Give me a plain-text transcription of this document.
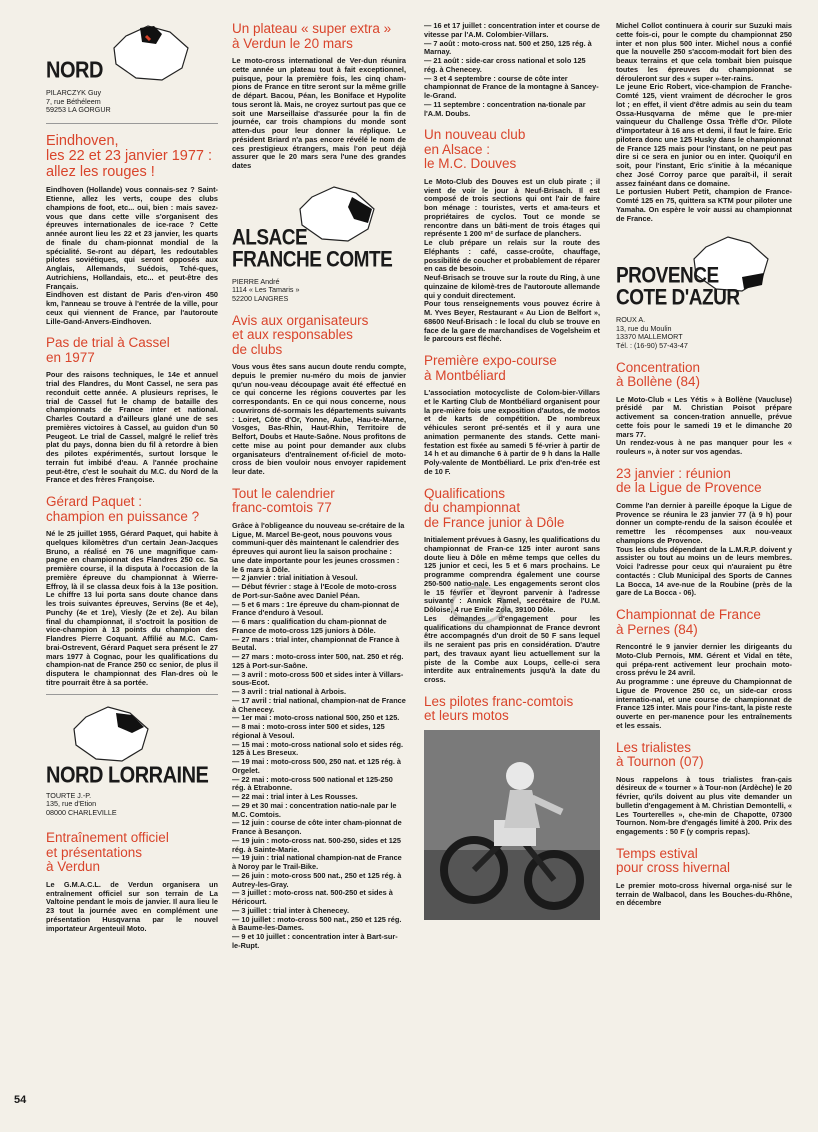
NORD
PILARCZYK Guy
7, rue Béthéleem
59253 LA GORGUR
Eindhoven,
les 22 et 23 janvier 1977 :
allez les rouges !

Eindhoven (Hollande) vous connais-sez ? Saint-Etienne, allez les verts, coupe des clubs champions de foot, etc... oui, bien : mais savez-vous que dans cette ville s'organisent des épreuves internationales de ice-race ? Cette année auront lieu les 22 et 23 janvier, les quarts de finale du cham-pionnat mondial de la spécialité. Se-ront au départ, les redoutables pilotes soviétiques, qui seront opposés aux Anglais, Allemands, Suédois, Tché-ques, Autrichiens, Hollandais, etc... et peut-être des Français.
Eindhoven est distant de Paris d'en-viron 450 km, l'anneau se trouve à l'entrée de la ville, pour ceux qui viennent de France, par l'autoroute Lille-Gand-Anvers-Eindhoven.

Pas de trial à Cassel
en 1977

Pour des raisons techniques, le 14e et annuel trial des Flandres, du Mont Cassel, ne sera pas reconduit cette année. A plusieurs reprises, le trial de Cassel fut le champ de bataille des championnats de France inter et national. Charles Coutard a d'ailleurs glané une de ses premières victoires à Cassel, au guidon d'un 50 Peugeot. Le trial de Cassel, malgré le relief très plat du pays, donna bien du fil à retordre à bien des pilotes expérimentés, surtout lorsque le terrain fut imbibé d'eau. A l'année prochaine peut-être, c'est le souhait du M.C. du Nord de la France et des frères Françoise.

Gérard Paquet :
champion en puissance ?

Né le 25 juillet 1955, Gérard Paquet, qui habite à quelques kilomètres d'un certain Jean-Jacques Bruno, a réalisé en 76 une magnifique cam-pagne en championnat des Flandres 250 cc. Sa première course, il la disputa à l'occasion de la première épreuve du championnat à Wierre-Effroy, là il se classa deux fois à la 13e position. Le chiffre 13 lui porta sans doute chance dans les trois suivantes épreuves, Servins (8e et 4e), Punchy (4e et 1re), Viesly (2e et 2e). Au bilan final du championnat, il s'octroit la position de vice-champion à 13 points du champion des Flandres Pierre Coquant. Affilié au M.C. Cam-brai-Ostrevent, Gérard Paquet sera présent le 27 mars 1977 à Cognac, pour les qualifications du champion-nat de France 250 cc senior, de plus il disputera le championnat des Flan-dres où le titre pourrait être à sa portée.

NORD LORRAINE
TOURTE J.-P.
135, rue d'Etion
08000 CHARLEVILLE
Entraînement officiel
et présentations
à Verdun

Le G.M.A.C.L. de Verdun organisera un entraînement officiel sur son terrain de La Valtoine pendant le mois de janvier. Il aura lieu le 23 tout la journée avec en complément une présentation Husqvarna par le nouvel importateur Argenteuil Moto.

Un plateau « super extra »
à Verdun le 20 mars

Le moto-cross international de Ver-dun réunira cette année un plateau tout à fait exceptionnel, puisque, pour la première fois, les cinq cham-pions de France en titre seront sur la même grille de départ. Bacou, Péan, les Boniface et Hypolite tous seront là. Mais, ne croyez surtout pas que ce soit une Marseillaise d'assurée pour la fin de journée, car trois champions du monde sont atten-dus pour leur donner la réplique. Le président Briard n'a pas encore révélé le nom de ces prestigieux étrangers, mais l'on peut déjà assurer que le 20 mars sera l'une des grandes dates

ALSACE
FRANCHE COMTE
PIERRE André
1114 « Les Tamaris »
52200 LANGRES
Avis aux organisateurs
et aux responsables
de clubs

Vous vous êtes sans aucun doute rendu compte, depuis le premier nu-méro du mois de janvier qu'un nou-veau découpage avait été effectué en ce qui concerne les régions couvertes par les correspondants. En ce qui nous concerne, nous couvrirons dé-sormais les départements suivants : Loiret, Côte d'Or, Yonne, Aube, Hau-te-Marne, Vosges, Bas-Rhin, Haut-Rhin, Territoire de Belfort, Doubs et Haute-Saône. Nous profitons de cette mise au point pour demander aux clubs organisateurs d'entraînement of-ficiel de moto-cross de bien vouloir nous envoyer rapidement leur date.

Tout le calendrier
franc-comtois 77

Grâce à l'obligeance du nouveau se-crétaire de la Ligue, M. Marcel Be-geot, nous pouvons vous communi-quer dès maintenant le calendrier des épreuves qui auront lieu la saison prochaine : une date importante pour les jeunes crossmen : le 6 mars à Dôle.
— 2 janvier : trial initiation à Vesoul.
— Début février : stage à l'Ecole de moto-cross de Port-sur-Saône avec Daniel Péan.
— 5 et 6 mars : 1re épreuve du cham-pionnat de France d'enduro à Vesoul.
— 6 mars : qualification du cham-pionnat de France de moto-cross 125 juniors à Dôle.
— 27 mars : trial inter, championnat de France à Beutal.
— 27 mars : moto-cross inter 500, nat. 250 et rég. 125 à Port-sur-Saône.
— 3 avril : moto-cross 500 et sides inter à Villars-sous-Ecot.
— 3 avril : trial national à Arbois.
— 17 avril : trial national, champion-nat de France à Chenecey.
— 1er mai : moto-cross national 500, 250 et 125.
— 8 mai : moto-cross inter 500 et sides, 125 régional à Vesoul.
— 15 mai : moto-cross national solo et sides rég. 125 à Les Breseux.
— 19 mai : moto-cross 500, 250 nat. et 125 rég. à Orgelet.
— 22 mai : moto-cross 500 national et 125-250 rég. à Etrabonne.
— 22 mai : trial inter à Les Rousses.
— 29 et 30 mai : concentration natio-nale par le M.C. Comtois.
— 12 juin : course de côte inter cham-pionnat de France à Besançon.
— 19 juin : moto-cross nat. 500-250, sides et 125 rég. à Sainte-Marie.
— 19 juin : trial national champion-nat de France à Noroy par le Trail-Bike.
— 26 juin : moto-cross 500 nat., 250 et 125 rég. à Autrey-les-Gray.
— 3 juillet : moto-cross nat. 500-250 et sides à Héricourt.
— 3 juillet : trial inter à Chenecey.
— 10 juillet : moto-cross 500 nat., 250 et 125 rég. à Baume-les-Dames.
— 9 et 10 juillet : concentration inter à Bart-sur-le-Rupt.

— 16 et 17 juillet : concentration inter et course de vitesse par l'A.M. Colombier-Villars.
— 7 août : moto-cross nat. 500 et 250, 125 rég. à Marnay.
— 21 août : side-car cross national et solo 125 rég. à Chenecey.
— 3 et 4 septembre : course de côte inter championnat de France de la montagne à Sancey-le-Grand.
— 11 septembre : concentration na-tionale par l'A.M. Doubs.

Un nouveau club
en Alsace :
le M.C. Douves

Le Moto-Club des Douves est un club pirate ; il vient de voir le jour à Neuf-Brisach. Il est composé de trois sections qui ont l'air de faire bon ménage : touristes, verts et ama-teurs et propriétaires de cyclos. Tout ce monde se rencontre dans un bâti-ment de trois étages qui représente 1 200 m² de surface de planchers.
Le club prépare un relais sur la route des Eléphants : café, casse-croûte, chauffage, possibilité de coucher et probablement de réparer en cas de besoin.
Neuf-Brisach se trouve sur la route du Ring, à une quinzaine de kilomè-tres de l'autoroute allemande qui y conduit directement.
Pour tous renseignements vous pouvez écrire à M. Yves Beyer, Restaurant « Au Lion de Belfort », 68600 Neuf-Brisach : le local du club se trouve en face de la gare de marchandises de Vogelsheim et le parcours est fléché.

Première expo-course
à Montbéliard

L'association motocycliste de Colom-bier-Villars et le Karting Club de Montbéliard organisent pour la pre-mière fois une exposition d'autos, de motos et de karts de compétition. De nombreux véhicules seront pré-sentés et il y aura une animation permanente des stands. Cette mani-festation est fixée au samedi 5 fé-vrier à partir de 14 h et au dimanche 6 à partir de 9 h dans la Halle Poly-valente de Montbéliard. Le prix d'en-trée est de 10 F.

Qualifications
du championnat
de France junior à Dôle

Initialement prévues à Gasny, les qualifications du championnat de Fran-ce 125 inter auront sans doute lieu à Dôle en même temps que celles du 125 junior et ceci, les 5 et 6 mars prochains. Le programme comprendra également une course 250-500 natio-nale. Les engagements seront clos le 15 février et devront parvenir à l'adresse suivante : Annick Ramel, secrétaire de l'U.M. Dôloise, 4 rue Emile Zola, 39100 Dôle.
Les demandes d'engagement pour les qualifications du championnat de France devront être accompagnés d'un droit de 50 F sans lequel ils ne seraient pas pris en considération. D'autre part, des travaux ayant lieu actuellement sur la piste de la Combe aux Loups, celle-ci sera interdite aux entraînements jusqu'à la date du cross.

Les pilotes franc-comtois
et leurs motos

Michel Collot continuera à courir sur Suzuki mais cette fois-ci, pour le compte du championnat 250 inter et non plus 500 inter. Michel nous a confié que la nouvelle 250 s'accom-modait fort bien des beaux terrains et que cela tombait bien puisque toutes les épreuves du championnat se dérouleront sur des « super »-ter-rains.
Le jeune Eric Robert, vice-champion de Franche-Comté 125, vient vraiment de décrocher le gros lot ; en effet, il vient d'être admis au sein du team Ossa-Husqvarna de même que le pre-mier vainqueur du Challenge Ossa Trèfle d'Or. Pilote d'importateur à 16 ans et demi, il faut le faire. Eric pilotera donc une 125 Husky dans le championnat de France 125 mais pour l'instant, on ne peut pas dire si ce sera en junior ou en inter. Quoiqu'il en soit, pour l'instant, Eric s'initie à la mécanique chez José Corroy parce que paraît-il, il serait assez fainéant dans ce domaine.
Le portusien Hubert Petit, champion de France-Comté 125 en 75, quittera sa KTM pour piloter une Yamaha. On espère le voir aussi au championnat de France.

PROVENCE
COTE D'AZUR
ROUX A.
13, rue du Moulin
13370 MALLEMORT
Tél. : (16-90) 57-43-47
Concentration
à Bollène (84)

Le Moto-Club « Les Yétis » à Bollène (Vaucluse) présidé par M. Christian Poisot prépare activement sa concen-tration annuelle, prévue cette fois pour le samedi 19 et le dimanche 20 mars 77.
Un rendez-vous à ne pas manquer pour les « rouleurs », à noter sur vos agendas.

23 janvier : réunion
de la Ligue de Provence

Comme l'an dernier à pareille époque la Ligue de Provence se réunira le 23 janvier 77 (à 9 h) pour donner un compte-rendu de la saison écoulée et remettre les récompenses aux nou-veaux champions de Provence.
Tous les clubs dépendant de la L.M.R.P. doivent y assister ou tout au moins un de leurs membres. Voici l'adresse pour ceux qui n'auraient pu être contactés : Club Municipal des Sports de Cannes La Bocca, 14 ave-nue de la Roubine (près de la gare de La Bocca - 06).

Championnat de France
à Pernes (84)

Rencontré le 9 janvier dernier les dirigeants du Moto-Club Pernois, MM. Gérent et Vidal en tête, qui prépa-rent activement leur prochain moto-cross prévu le 24 avril.
Au programme : une épreuve du Championnat de Ligue de Provence 250 cc, un side-car cross internatio-nal, et une course de championnat de France 125 inter. Mais pour l'ins-tant, la piste reste ouverte en per-manence pour les entraînements et les essais.

Les trialistes
à Tournon (07)

Nous rappelons à tous trialistes fran-çais désireux de « tourner » à Tour-non (Ardèche) le 20 février, qu'ils doivent au plus vite demander un bulletin d'engagement à M. Christian Demontelli, « Les Tourterelles », che-min de Chapotte, 07300 Tournon. Nom-bre d'engagés limité à 200. Prix des engagements : 50 F (y compris repas).

Temps estival
pour cross hivernal

Le premier moto-cross hivernal orga-nisé sur le terrain de Walbacol, dans les Bouches-du-Rhône, en décembre

54
